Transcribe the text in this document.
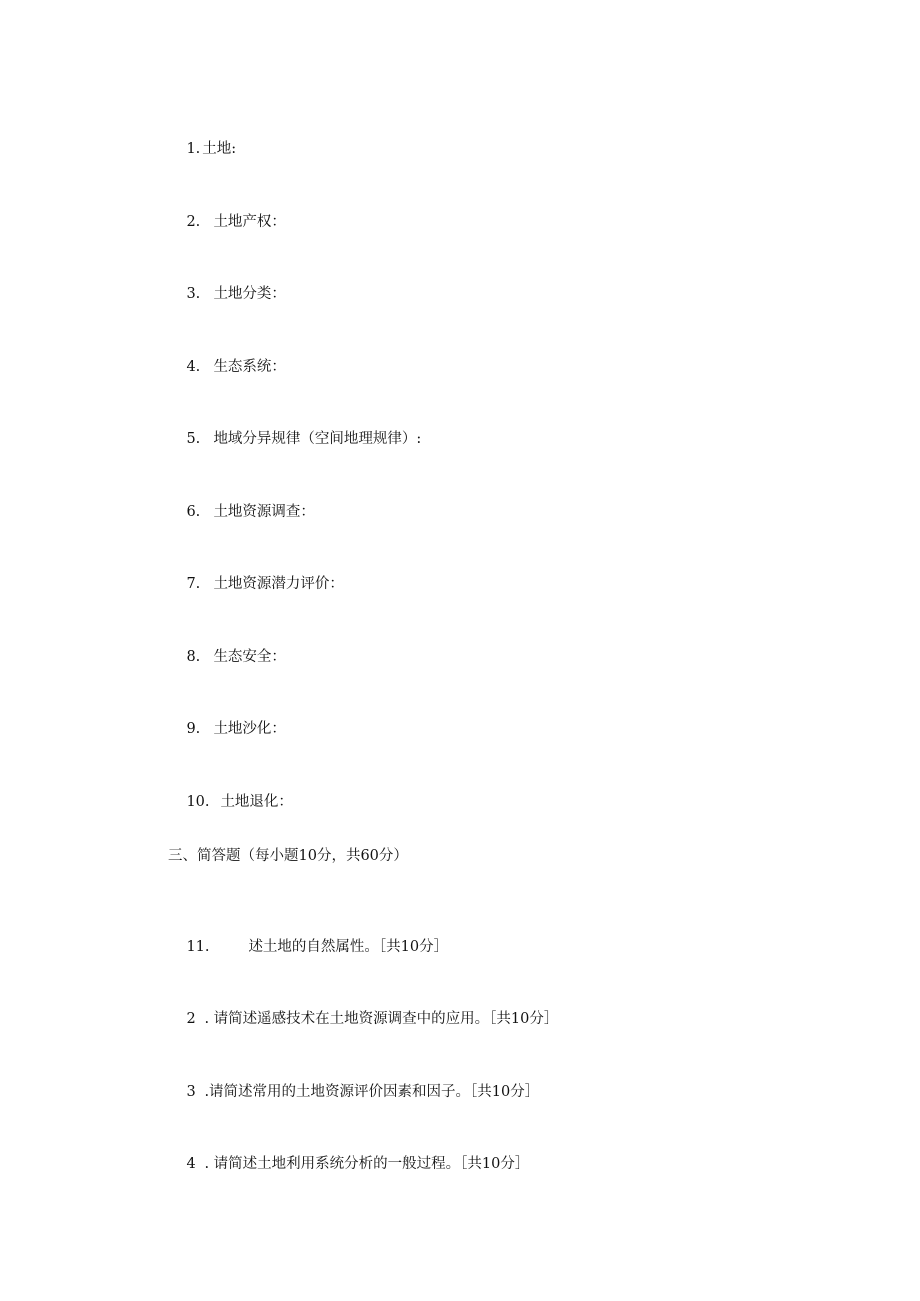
1. 土地:

2. 土地产权：

3. 土地分类：

4. 生态系统：

5. 地域分异规律（空间地理规律）:

6. 土地资源调查：

7. 土地资源潜力评价：

8. 生态安全：

9. 土地沙化：

10. 土地退化：

三、简答题（每小题10分，共60分）

11.	述土地的自然属性。［共10分］

2 . 请简述遥感技术在土地资源调查中的应用。［共10分］

3 .请简述常用的土地资源评价因素和因子。［共10分］

4 . 请简述土地利用系统分析的一般过程。［共10分］
